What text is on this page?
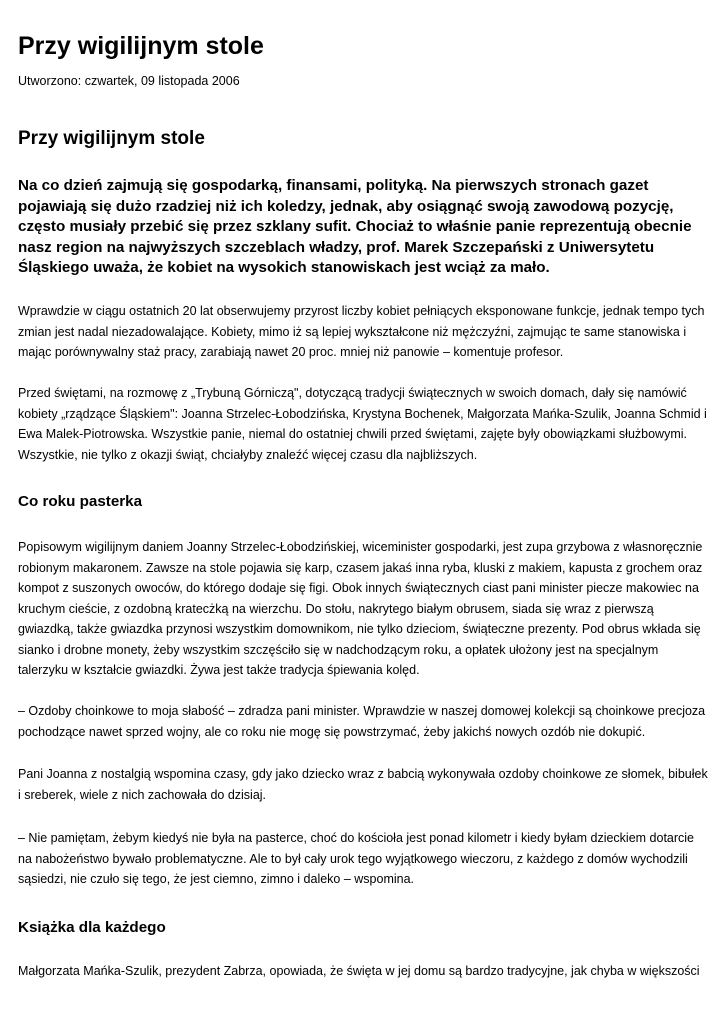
Przy wigilijnym stole
Utworzono: czwartek, 09 listopada 2006
Przy wigilijnym stole

Na co dzień zajmują się gospodarką, finansami, polityką. Na pierwszych stronach gazet pojawiają się dużo rzadziej niż ich koledzy, jednak, aby osiągnąć swoją zawodową pozycję, często musiały przebić się przez szklany sufit. Chociaż to właśnie panie reprezentują obecnie nasz region na najwyższych szczeblach władzy, prof. Marek Szczepański z Uniwersytetu Śląskiego uważa, że kobiet na wysokich stanowiskach jest wciąż za mało.

Wprawdzie w ciągu ostatnich 20 lat obserwujemy przyrost liczby kobiet pełniących eksponowane funkcje, jednak tempo tych zmian jest nadal niezadowalające. Kobiety, mimo iż są lepiej wykształcone niż mężczyźni, zajmując te same stanowiska i mając porównywalny staż pracy, zarabiają nawet 20 proc. mniej niż panowie – komentuje profesor.

Przed świętami, na rozmowę z „Trybuną Górniczą", dotyczącą tradycji świątecznych w swoich domach, dały się namówić kobiety „rządzące Śląskiem": Joanna Strzelec-Łobodzińska, Krystyna Bochenek, Małgorzata Mańka-Szulik, Joanna Schmid i Ewa Malek-Piotrowska. Wszystkie panie, niemal do ostatniej chwili przed świętami, zajęte były obowiązkami służbowymi. Wszystkie, nie tylko z okazji świąt, chciałyby znaleźć więcej czasu dla najbliższych.

Co roku pasterka

Popisowym wigilijnym daniem Joanny Strzelec-Łobodzińskiej, wiceminister gospodarki, jest zupa grzybowa z własnoręcznie robionym makaronem. Zawsze na stole pojawia się karp, czasem jakaś inna ryba, kluski z makiem, kapusta z grochem oraz kompot z suszonych owoców, do którego dodaje się figi. Obok innych świątecznych ciast pani minister piecze makowiec na kruchym cieście, z ozdobną kratecżką na wierzchu. Do stołu, nakrytego białym obrusem, siada się wraz z pierwszą gwiazdką, także gwiazdka przynosi wszystkim domownikom, nie tylko dzieciom, świąteczne prezenty. Pod obrus wkłada się sianko i drobne monety, żeby wszystkim szczęściło się w nadchodzącym roku, a opłatek ułożony jest na specjalnym talerzyku w kształcie gwiazdki. Żywa jest także tradycja śpiewania kolęd.

– Ozdoby choinkowe to moja słabość – zdradza pani minister. Wprawdzie w naszej domowej kolekcji są choinkowe precjoza pochodzące nawet sprzed wojny, ale co roku nie mogę się powstrzymać, żeby jakichś nowych ozdób nie dokupić.

Pani Joanna z nostalgią wspomina czasy, gdy jako dziecko wraz z babcią wykonywała ozdoby choinkowe ze słomek, bibułek i sreberek, wiele z nich zachowała do dzisiaj.

– Nie pamiętam, żebym kiedyś nie była na pasterce, choć do kościoła jest ponad kilometr i kiedy byłam dzieckiem dotarcie na nabożeństwo bywało problematyczne. Ale to był cały urok tego wyjątkowego wieczoru, z każdego z domów wychodzili sąsiedzi, nie czuło się tego, że jest ciemno, zimno i daleko – wspomina.

Książka dla każdego

Małgorzata Mańka-Szulik, prezydent Zabrza, opowiada, że święta w jej domu są bardzo tradycyjne, jak chyba w większości
